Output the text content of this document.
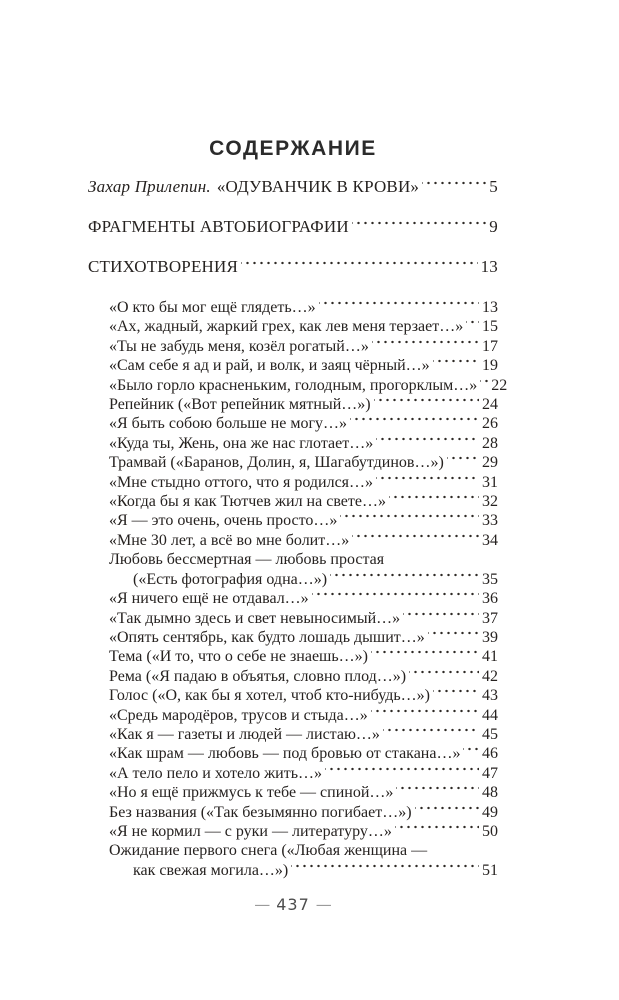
СОДЕРЖАНИЕ
Захар Прилепин. «ОДУВАНЧИК В КРОВИ»	5
ФРАГМЕНТЫ АВТОБИОГРАФИИ	9
СТИХОТВОРЕНИЯ	13
«О кто бы мог ещё глядеть…»	13
«Ах, жадный, жаркий грех, как лев меня терзает…» 15
«Ты не забудь меня, козёл рогатый…»	17
«Сам себе я ад и рай, и волк, и заяц чёрный…»	19
«Было горло красненьким, голодным, прогорклым…» 22
Репейник («Вот репейник мятный…»)	24
«Я быть собою больше не могу…»	26
«Куда ты, Жень, она же нас глотает…»	28
Трамвай («Баранов, Долин, я, Шагабутдинов…») 29
«Мне стыдно оттого, что я родился…»	31
«Когда бы я как Тютчев жил на свете…»	32
«Я — это очень, очень просто…»	33
«Мне 30 лет, а всё во мне болит…»	34
Любовь бессмертная — любовь простая
(«Есть фотография одна…»)	35
«Я ничего ещё не отдавал…»	36
«Так дымно здесь и свет невыносимый…»	37
«Опять сентябрь, как будто лошадь дышит…»	39
Тема («И то, что о себе не знаешь…»)	41
Рема («Я падаю в объятья, словно плод…»)	42
Голос («О, как бы я хотел, чтоб кто-нибудь…»)	43
«Средь мародёров, трусов и стыда…»	44
«Как я — газеты и людей — листаю…»	45
«Как шрам — любовь — под бровью от стакана…» 46
«А тело пело и хотело жить…»	47
«Но я ещё прижмусь к тебе — спиной…»	48
Без названия («Так безымянно погибает…»)	49
«Я не кормил — с руки — литературу…»	50
Ожидание первого снега («Любая женщина —
как свежая могила…»)	51
— 437 —
